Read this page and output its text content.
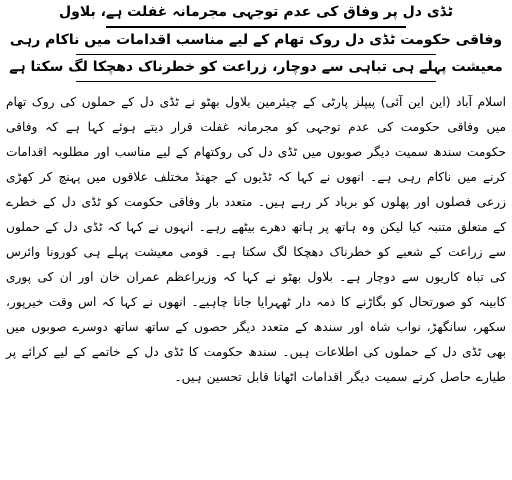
ٹڈی دل پر وفاق کی عدم توجہی مجرمانہ غفلت ہے، بلاول
وفاقی حکومت ٹڈی دل روک تھام کے لیے مناسب اقدامات میں ناکام رہی
معیشت پہلے ہی تباہی سے دوچار، زراعت کو خطرناک دھچکا لگ سکتا ہے

اسلام آباد (این این آئی) پیپلز پارٹی کے چیئرمین بلاول بھٹو نے ٹڈی دل کے حملوں کی روک تھام میں وفاقی حکومت کی عدم توجہی کو مجرمانہ غفلت قرار دیتے ہوئے کہا ہے کہ وفاقی حکومت سندھ سمیت دیگر صوبوں میں ٹڈی دل کی روکتھام کے لیے مناسب اور مطلوبہ اقدامات کرنے میں ناکام رہی ہے۔ انھوں نے کہا کہ ٹڈیوں کے جھنڈ مختلف علاقوں میں پہنچ کر کھڑی زرعی فصلوں اور پھلوں کو برباد کر رہے ہیں۔ متعدد بار وفاقی حکومت کو ٹڈی دل کے خطرے کے متعلق متنبہ کیا لیکن وہ ہاتھ پر ہاتھ دھرے بیٹھے رہے۔ انہوں نے کہا کہ ٹڈی دل کے حملوں سے زراعت کے شعبے کو خطرناک دھچکا لگ سکتا ہے۔ قومی معیشت پہلے ہی کورونا وائرس کی تباہ کاریوں سے دوچار ہے۔ بلاول بھٹو نے کہا کہ وزیراعظم عمران خان اور ان کی پوری کابینہ کو صورتحال کو بگاڑنے کا ذمہ دار ٹھہرایا جانا چاہیے۔ انھوں نے کہا کہ اس وقت خیرپور، سکھر، سانگھڑ، نواب شاہ اور سندھ کے متعدد دیگر حصوں کے ساتھ ساتھ دوسرے صوبوں میں بھی ٹڈی دل کے حملوں کی اطلاعات ہیں۔ سندھ حکومت کا ٹڈی دل کے خاتمے کے لیے کرائے پر طیارے حاصل کرنے سمیت دیگر اقدامات اٹھانا قابل تحسین ہیں۔
